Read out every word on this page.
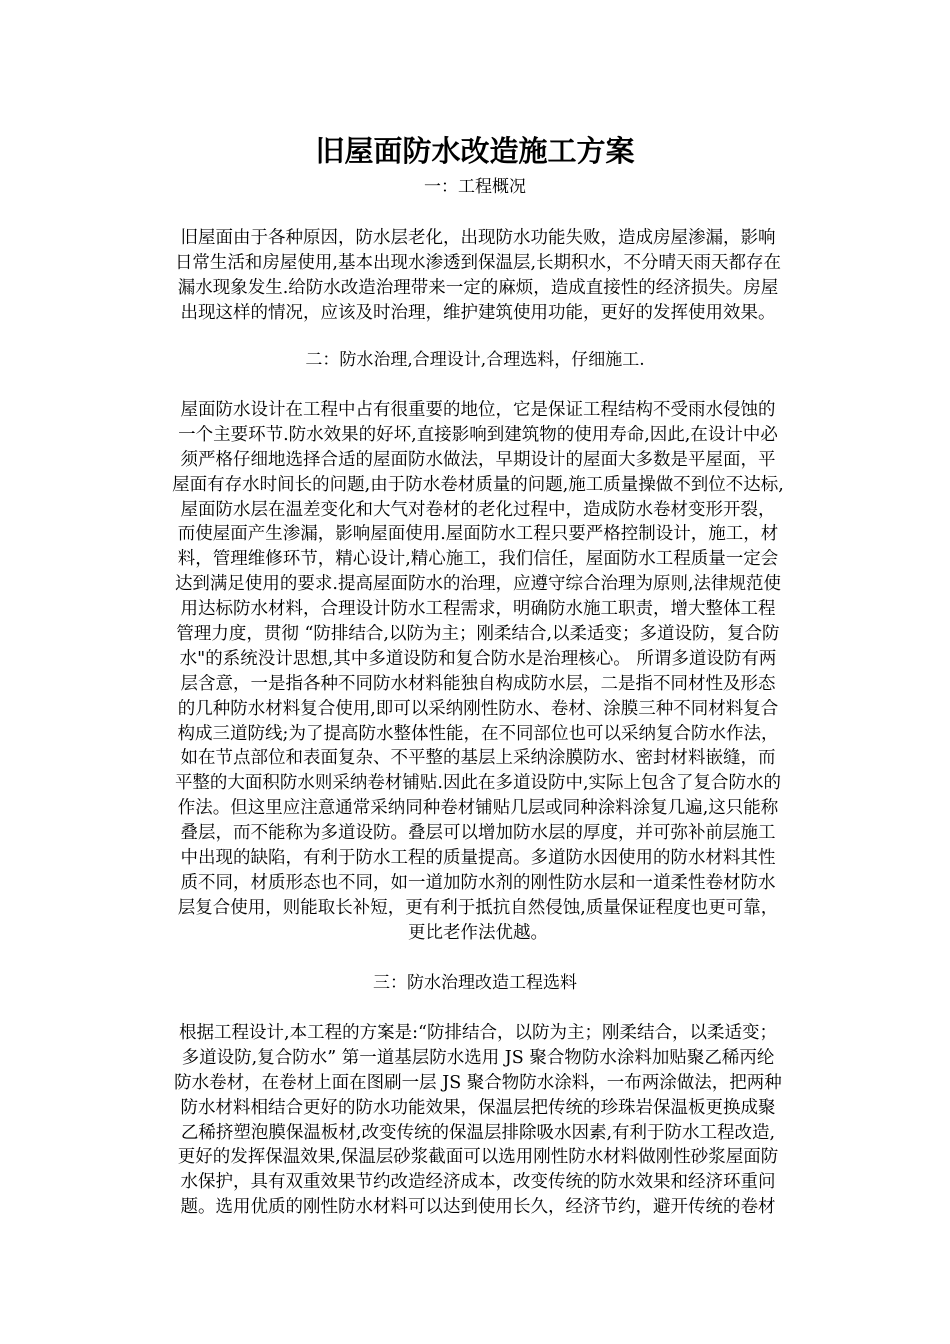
旧屋面防水改造施工方案
一：工程概况
旧屋面由于各种原因，防水层老化，出现防水功能失败，造成房屋渗漏，影响
日常生活和房屋使用,基本出现水渗透到保温层,长期积水，不分晴天雨天都存在
漏水现象发生.给防水改造治理带来一定的麻烦，造成直接性的经济损失。房屋
出现这样的情况，应该及时治理，维护建筑使用功能，更好的发挥使用效果。
二：防水治理,合理设计,合理选料，仔细施工.
屋面防水设计在工程中占有很重要的地位，它是保证工程结构不受雨水侵蚀的
一个主要环节.防水效果的好坏,直接影响到建筑物的使用寿命,因此,在设计中必
须严格仔细地选择合适的屋面防水做法，早期设计的屋面大多数是平屋面，平
屋面有存水时间长的问题,由于防水卷材质量的问题,施工质量操做不到位不达标,
屋面防水层在温差变化和大气对卷材的老化过程中，造成防水卷材变形开裂，
而使屋面产生渗漏，影响屋面使用.屋面防水工程只要严格控制设计，施工，材
料，管理维修环节，精心设计,精心施工，我们信任，屋面防水工程质量一定会
达到满足使用的要求.提高屋面防水的治理，应遵守综合治理为原则,法律规范使
用达标防水材料，合理设计防水工程需求，明确防水施工职责，增大整体工程
管理力度，贯彻 “防排结合,以防为主；刚柔结合,以柔适变；多道设防，复合防
水"的系统没计思想,其中多道设防和复合防水是治理核心。 所谓多道设防有两
层含意，一是指各种不同防水材料能独自构成防水层，二是指不同材性及形态
的几种防水材料复合使用,即可以采纳刚性防水、卷材、涂膜三种不同材料复合
构成三道防线;为了提高防水整体性能，在不同部位也可以采纳复合防水作法，
如在节点部位和表面复杂、不平整的基层上采纳涂膜防水、密封材料嵌缝，而
平整的大面积防水则采纳卷材铺贴.因此在多道设防中,实际上包含了复合防水的
作法。但这里应注意通常采纳同种卷材铺贴几层或同种涂料涂复几遍,这只能称
叠层，而不能称为多道设防。叠层可以增加防水层的厚度，并可弥补前层施工
中出现的缺陷，有利于防水工程的质量提高。多道防水因使用的防水材料其性
质不同，材质形态也不同，如一道加防水剂的刚性防水层和一道柔性卷材防水
层复合使用，则能取长补短，更有利于抵抗自然侵蚀,质量保证程度也更可靠，
更比老作法优越。
三：防水治理改造工程选料
根据工程设计,本工程的方案是:“防排结合，以防为主；刚柔结合，以柔适变；
多道设防,复合防水” 第一道基层防水选用 JS 聚合物防水涂料加贴聚乙稀丙纶
防水卷材，在卷材上面在图刷一层 JS 聚合物防水涂料，一布两涂做法，把两种
防水材料相结合更好的防水功能效果，保温层把传统的珍珠岩保温板更换成聚
乙稀挤塑泡膜保温板材,改变传统的保温层排除吸水因素,有利于防水工程改造,
更好的发挥保温效果,保温层砂浆截面可以选用刚性防水材料做刚性砂浆屋面防
水保护，具有双重效果节约改造经济成本，改变传统的防水效果和经济环重问
题。选用优质的刚性防水材料可以达到使用长久，经济节约，避开传统的卷材
